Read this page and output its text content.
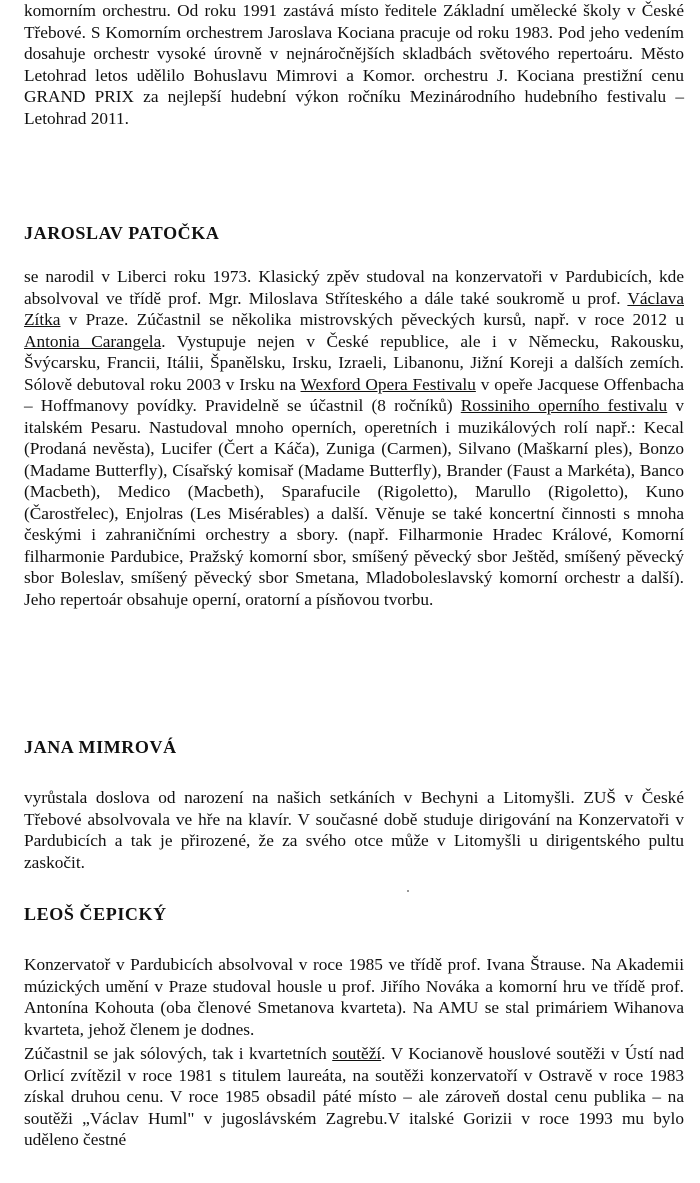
komorním orchestru. Od roku 1991 zastává místo ředitele Základní umělecké školy v České Třebové. S Komorním orchestrem Jaroslava Kociana pracuje od roku 1983. Pod jeho vedením dosahuje orchestr vysoké úrovně v nejnáročnějších skladbách světového repertoáru. Město Letohrad letos udělilo Bohuslavu Mimrovi a Komor. orchestru J. Kociana prestižní cenu GRAND PRIX za nejlepší hudební výkon ročníku Mezinárodního hudebního festivalu – Letohrad 2011.

JAROSLAV PATOČKA

se narodil v Liberci roku 1973. Klasický zpěv studoval na konzervatoři v Pardubicích, kde absolvoval ve třídě prof. Mgr. Miloslava Stříteského a dále také soukromě u prof. Václava Zítka v Praze. Zúčastnil se několika mistrovských pěveckých kursů, např. v roce 2012 u Antonia Carangela. Vystupuje nejen v České republice, ale i v Německu, Rakousku, Švýcarsku, Francii, Itálii, Španělsku, Irsku, Izraeli, Libanonu, Jižní Koreji a dalších zemích. Sólově debutoval roku 2003 v Irsku na Wexford Opera Festivalu v opeře Jacquese Offenbacha – Hoffmanovy povídky. Pravidelně se účastnil (8 ročníků) Rossiniho operního festivalu v italském Pesaru. Nastudoval mnoho operních, operetních i muzikálových rolí např.: Kecal (Prodaná nevěsta), Lucifer (Čert a Káča), Zuniga (Carmen), Silvano (Maškarní ples), Bonzo (Madame Butterfly), Císařský komisař (Madame Butterfly), Brander (Faust a Markéta), Banco (Macbeth), Medico (Macbeth), Sparafucile (Rigoletto), Marullo (Rigoletto), Kuno (Čarostřelec), Enjolras (Les Misérables) a další. Věnuje se také koncertní činnosti s mnoha českými i zahraničními orchestry a sbory. (např. Filharmonie Hradec Králové, Komorní filharmonie Pardubice, Pražský komorní sbor, smíšený pěvecký sbor Ještěd, smíšený pěvecký sbor Boleslav, smíšený pěvecký sbor Smetana, Mladoboleslavský komorní orchestr a další). Jeho repertoár obsahuje operní, oratorní a písňovou tvorbu.

JANA MIMROVÁ

vyrůstala doslova od narození na našich setkáních v Bechyni a Litomyšli. ZUŠ v České Třebové absolvovala ve hře na klavír. V současné době studuje dirigování na Konzervatoři v Pardubicích a tak je přirozené, že za svého otce může v Litomyšli u dirigentského pultu zaskočit.

LEOŠ ČEPICKÝ

Konzervatoř v Pardubicích absolvoval v roce 1985 ve třídě prof. Ivana Štrause. Na Akademii múzických umění v Praze studoval housle u prof. Jiřího Nováka a komorní hru ve třídě prof. Antonína Kohouta (oba členové Smetanova kvarteta). Na AMU se stal primáriem Wihanova kvarteta, jehož členem je dodnes.

Zúčastnil se jak sólových, tak i kvartetních soutěží. V Kocianově houslové soutěži v Ústí nad Orlicí zvítězil v roce 1981 s titulem laureáta, na soutěži konzervatoří v Ostravě v roce 1983 získal druhou cenu. V roce 1985 obsadil páté místo – ale zároveň dostal cenu publika – na soutěži „Václav Huml" v jugoslávském Zagrebu.V italské Gorizii v roce 1993 mu bylo uděleno čestné
